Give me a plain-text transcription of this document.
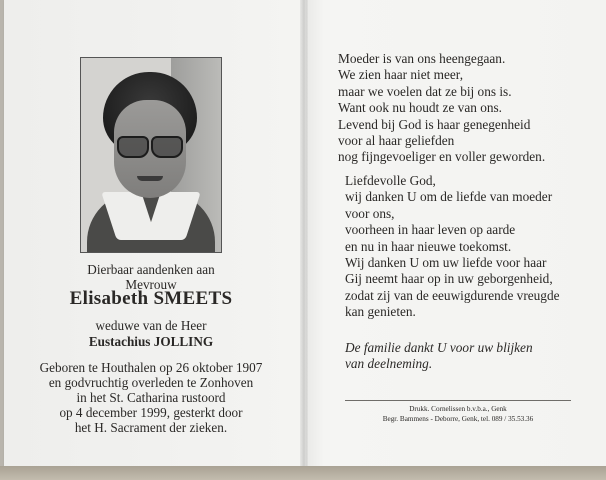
Dierbaar aandenken aan
Mevrouw
Elisabeth SMEETS
weduwe van de Heer
Eustachius JOLLING
Geboren te Houthalen op 26 oktober 1907
en godvruchtig overleden te Zonhoven
in het St. Catharina rustoord
op 4 december 1999, gesterkt door
het H. Sacrament der zieken.
Moeder is van ons heengegaan.
We zien haar niet meer,
maar we voelen dat ze bij ons is.
Want ook nu houdt ze van ons.
Levend bij God is haar genegenheid
voor al haar geliefden
nog fijngevoeliger en voller geworden.
Liefdevolle God,
wij danken U om de liefde van moeder
voor ons,
voorheen in haar leven op aarde
en nu in haar nieuwe toekomst.
Wij danken U om uw liefde voor haar
Gij neemt haar op in uw geborgenheid,
zodat zij van de eeuwigdurende vreugde
kan genieten.
De familie dankt U voor uw blijken
van deelneming.
Drukk. Cornelissen b.v.b.a., Genk
Begr. Bammens - Deborre, Genk, tel. 089 / 35.53.36
